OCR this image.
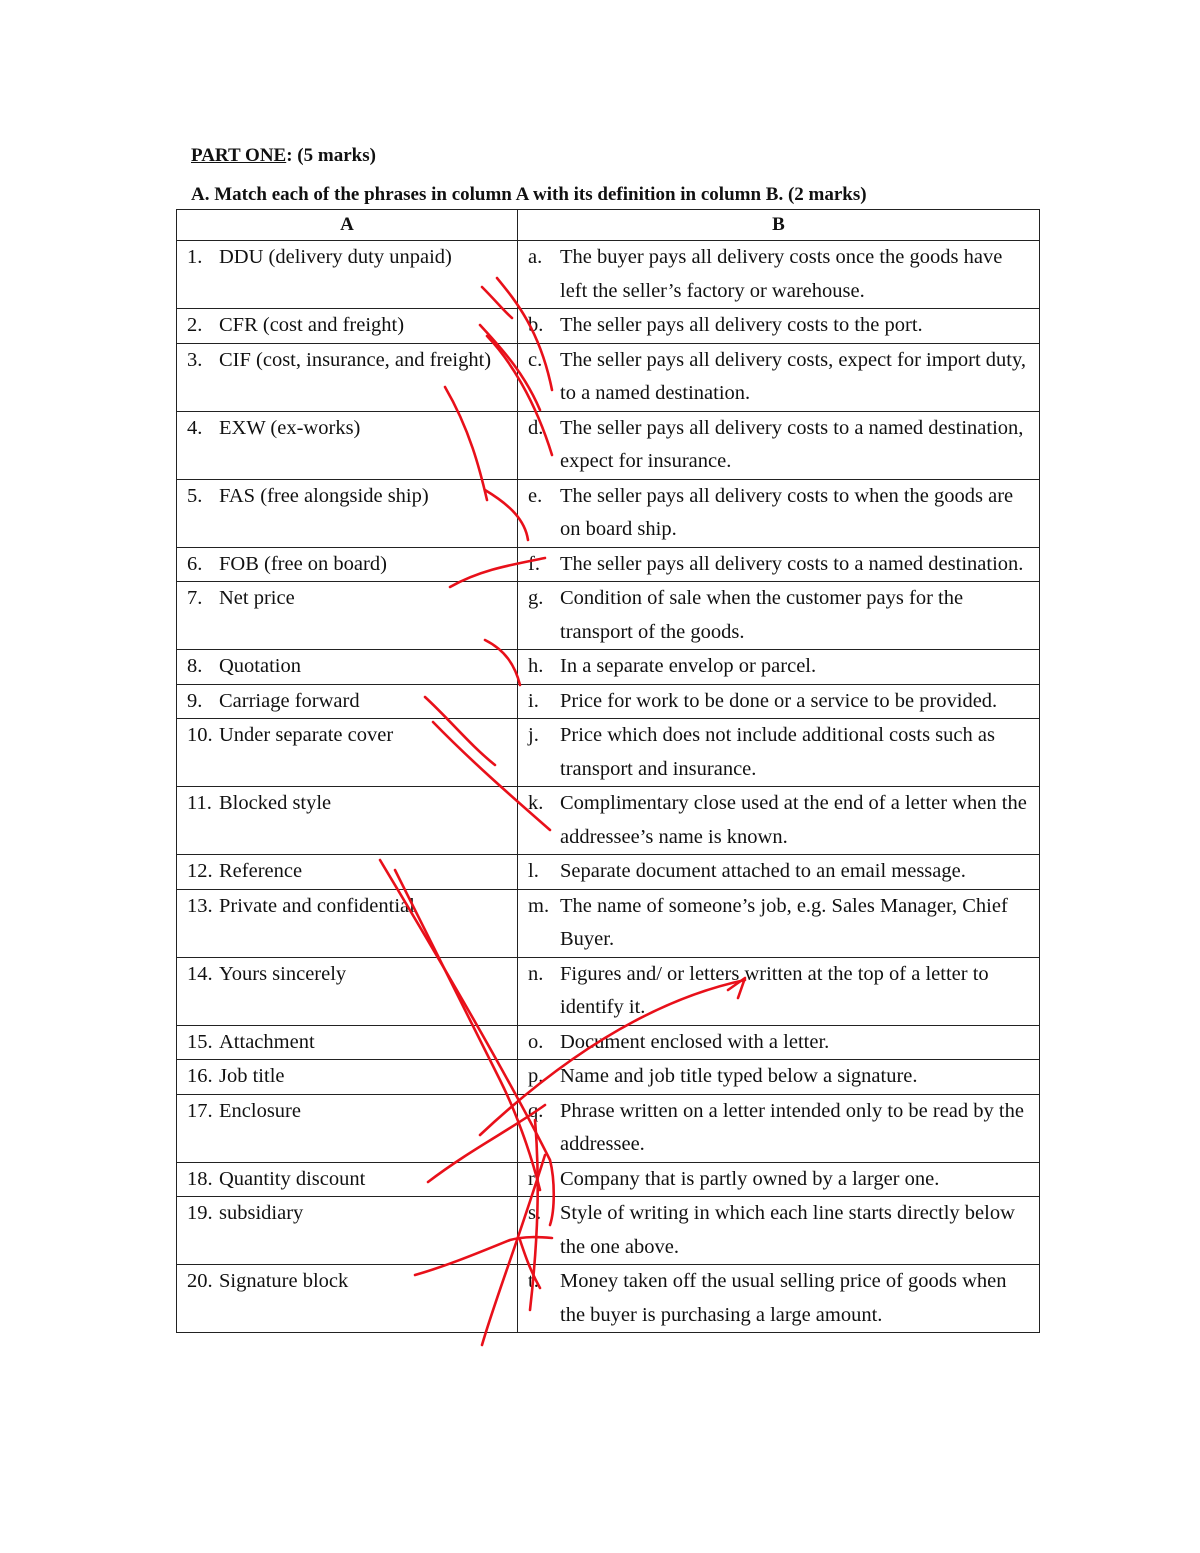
PART ONE: (5 marks)

A. Match each of the phrases in column A with its definition in column B. (2 marks)

A	B

1. DDU (delivery duty unpaid)	a. The buyer pays all delivery costs once the goods have left the seller’s factory or warehouse.

2. CFR (cost and freight)	b. The seller pays all delivery costs to the port.

3. CIF (cost, insurance, and freight)	c. The seller pays all delivery costs, expect for import duty, to a named destination.

4. EXW (ex-works)	d. The seller pays all delivery costs to a named destination, expect for insurance.

5. FAS (free alongside ship)	e. The seller pays all delivery costs to when the goods are on board ship.

6. FOB (free on board)	f. The seller pays all delivery costs to a named destination.

7. Net price	g. Condition of sale when the customer pays for the transport of the goods.

8. Quotation	h. In a separate envelop or parcel.

9. Carriage forward	i. Price for work to be done or a service to be provided.

10. Under separate cover	j. Price which does not include additional costs such as transport and insurance.

11. Blocked style	k. Complimentary close used at the end of a letter when the addressee’s name is known.

12. Reference	l. Separate document attached to an email message.

13. Private and confidential	m. The name of someone’s job, e.g. Sales Manager, Chief Buyer.

14. Yours sincerely	n. Figures and/ or letters written at the top of a letter to identify it.

15. Attachment	o. Document enclosed with a letter.

16. Job title	p. Name and job title typed below a signature.

17. Enclosure	q. Phrase written on a letter intended only to be read by the addressee.

18. Quantity discount	r. Company that is partly owned by a larger one.

19. subsidiary	s. Style of writing in which each line starts directly below the one above.

20. Signature block	t. Money taken off the usual selling price of goods when the buyer is purchasing a large amount.
